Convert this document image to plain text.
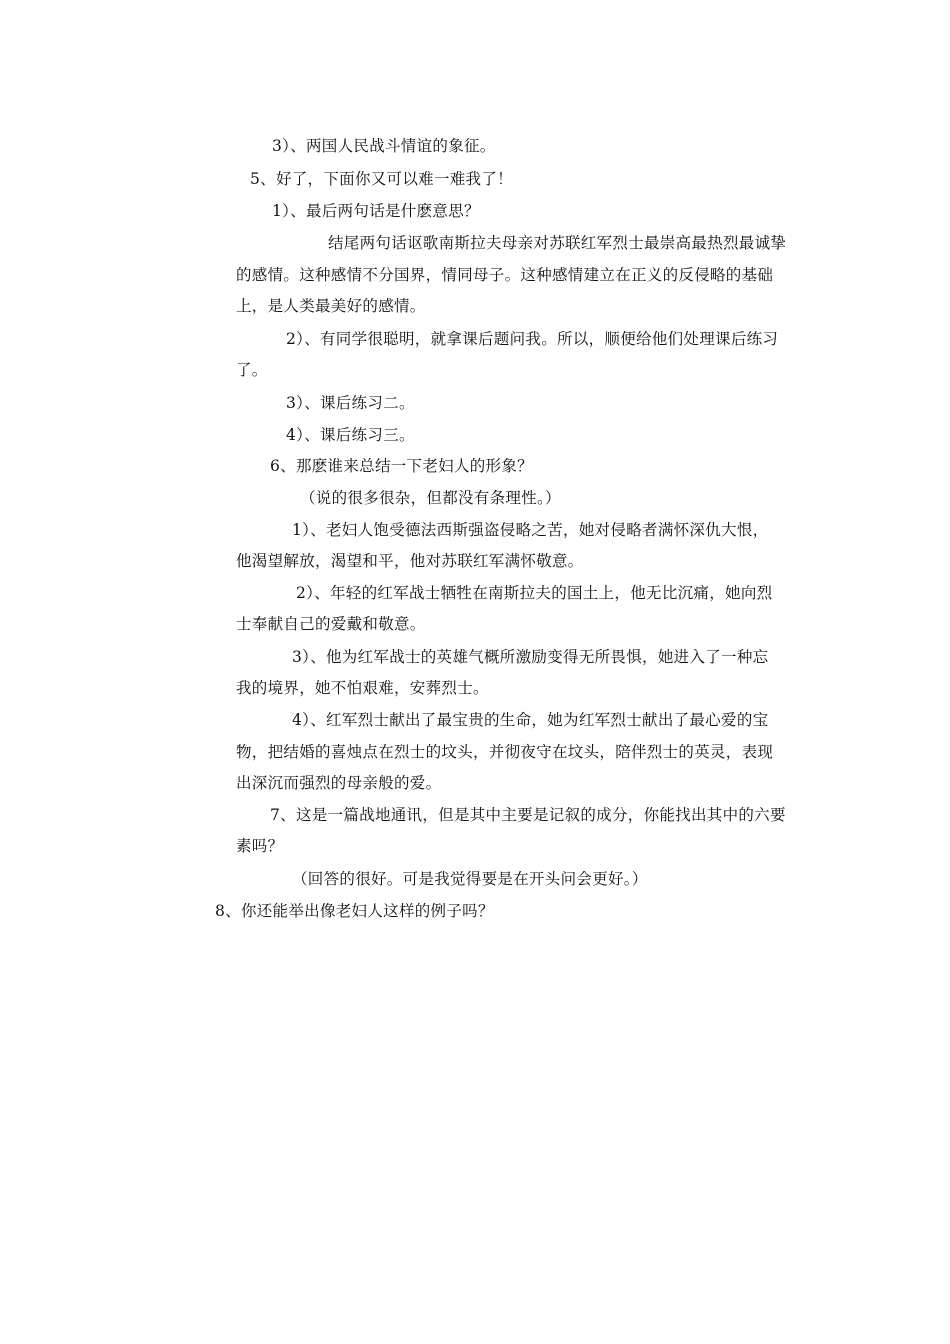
3）、两国人民战斗情谊的象征。
5、好了，下面你又可以难一难我了！
1）、最后两句话是什麽意思？
结尾两句话讴歌南斯拉夫母亲对苏联红军烈士最崇高最热烈最诚挚
的感情。这种感情不分国界，情同母子。这种感情建立在正义的反侵略的基础
上，是人类最美好的感情。
2）、有同学很聪明，就拿课后题问我。所以，顺便给他们处理课后练习
了。
3）、课后练习二。
4）、课后练习三。
6、那麽谁来总结一下老妇人的形象？
（说的很多很杂，但都没有条理性。）
1）、老妇人饱受德法西斯强盗侵略之苦，她对侵略者满怀深仇大恨，
他渴望解放，渴望和平，他对苏联红军满怀敬意。
2）、年轻的红军战士牺牲在南斯拉夫的国土上，他无比沉痛，她向烈
士奉献自己的爱戴和敬意。
3）、他为红军战士的英雄气概所激励变得无所畏惧，她进入了一种忘
我的境界，她不怕艰难，安葬烈士。
4）、红军烈士献出了最宝贵的生命，她为红军烈士献出了最心爱的宝
物，把结婚的喜烛点在烈士的坟头，并彻夜守在坟头，陪伴烈士的英灵，表现
出深沉而强烈的母亲般的爱。
7、这是一篇战地通讯，但是其中主要是记叙的成分，你能找出其中的六要
素吗？
（回答的很好。可是我觉得要是在开头问会更好。）
8、你还能举出像老妇人这样的例子吗？
